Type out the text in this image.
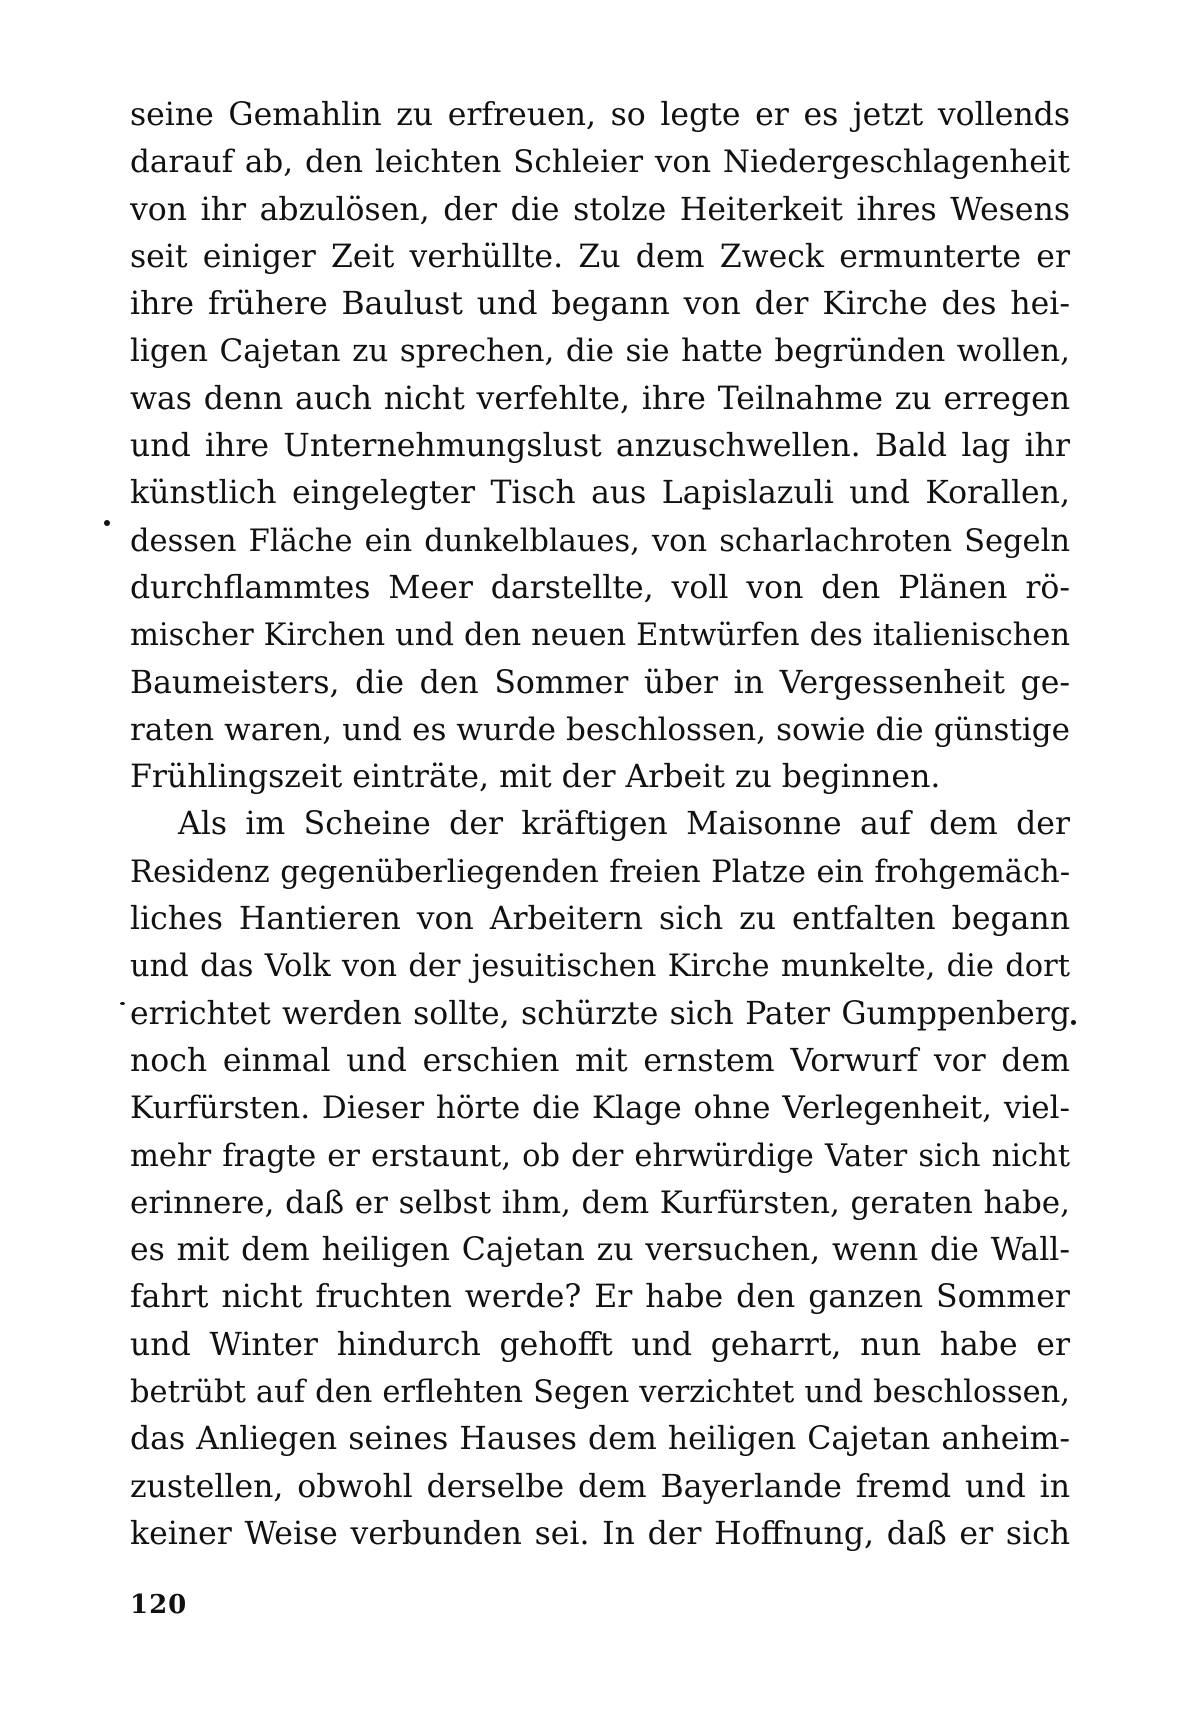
seine Gemahlin zu erfreuen, so legte er es jetzt vollends
darauf ab, den leichten Schleier von Niedergeschlagenheit
von ihr abzulösen, der die stolze Heiterkeit ihres Wesens
seit einiger Zeit verhüllte. Zu dem Zweck ermunterte er
ihre frühere Baulust und begann von der Kirche des hei-
ligen Cajetan zu sprechen, die sie hatte begründen wollen,
was denn auch nicht verfehlte, ihre Teilnahme zu erregen
und ihre Unternehmungslust anzuschwellen. Bald lag ihr
künstlich eingelegter Tisch aus Lapislazuli und Korallen,
dessen Fläche ein dunkelblaues, von scharlachroten Segeln
durchflammtes Meer darstellte, voll von den Plänen rö-
mischer Kirchen und den neuen Entwürfen des italienischen
Baumeisters, die den Sommer über in Vergessenheit ge-
raten waren, und es wurde beschlossen, sowie die günstige
Frühlingszeit einträte, mit der Arbeit zu beginnen.
Als im Scheine der kräftigen Maisonne auf dem der
Residenz gegenüberliegenden freien Platze ein frohgemäch-
liches Hantieren von Arbeitern sich zu entfalten begann
und das Volk von der jesuitischen Kirche munkelte, die dort
errichtet werden sollte, schürzte sich Pater Gumppenberg
noch einmal und erschien mit ernstem Vorwurf vor dem
Kurfürsten. Dieser hörte die Klage ohne Verlegenheit, viel-
mehr fragte er erstaunt, ob der ehrwürdige Vater sich nicht
erinnere, daß er selbst ihm, dem Kurfürsten, geraten habe,
es mit dem heiligen Cajetan zu versuchen, wenn die Wall-
fahrt nicht fruchten werde? Er habe den ganzen Sommer
und Winter hindurch gehofft und geharrt, nun habe er
betrübt auf den erflehten Segen verzichtet und beschlossen,
das Anliegen seines Hauses dem heiligen Cajetan anheim-
zustellen, obwohl derselbe dem Bayerlande fremd und in
keiner Weise verbunden sei. In der Hoffnung, daß er sich
120
